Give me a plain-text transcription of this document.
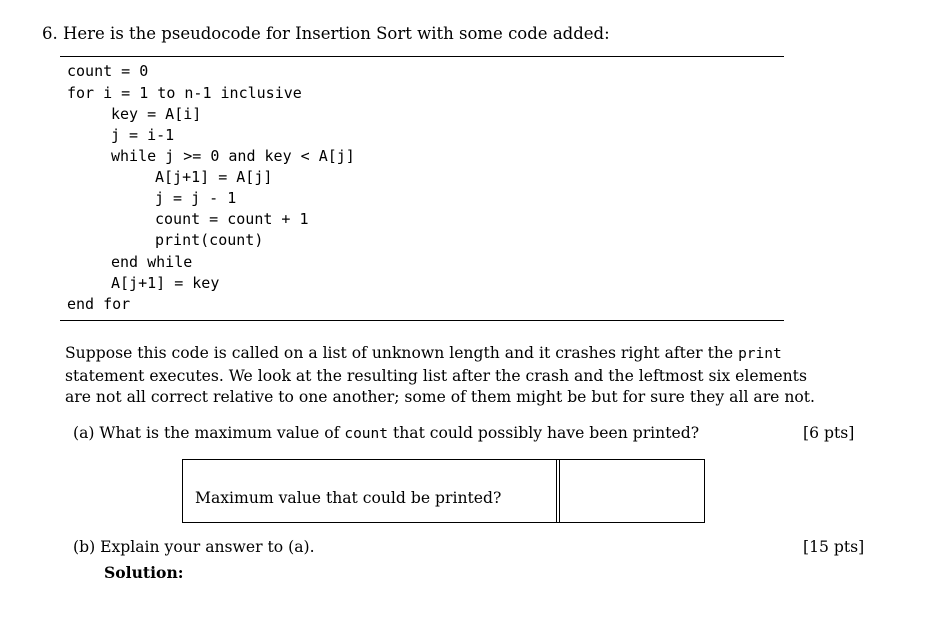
6. Here is the pseudocode for Insertion Sort with some code added:
count = 0
for i = 1 to n-1 inclusive
key = A[i]
j = i-1
while j >= 0 and key < A[j]
A[j+1] = A[j]
j = j - 1
count = count + 1
print(count)
end while
A[j+1] = key
end for
Suppose this code is called on a list of unknown length and it crashes right after the print
statement executes. We look at the resulting list after the crash and the leftmost six elements
are not all correct relative to one another; some of them might be but for sure they all are not.
(a) What is the maximum value of count that could possibly have been printed?	[6 pts]
Maximum value that could be printed?
(b) Explain your answer to (a).	[15 pts]
Solution:
